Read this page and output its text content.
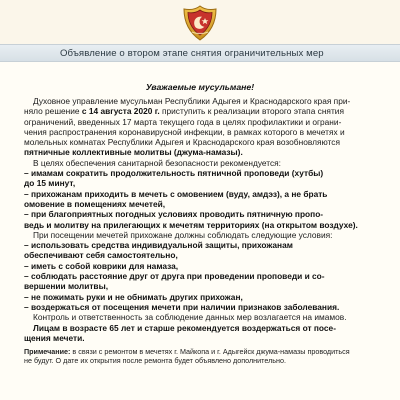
Объявление о втором этапе снятия ограничительных мер
Уважаемые мусульмане!
Духовное управление мусульман Республики Адыгея и Краснодарского края при-
няло решение с 14 августа 2020 г. приступить к реализации второго этапа снятия
ограничений, введенных 17 марта текущего года в целях профилактики и ограни-
чения распространения коронавирусной инфекции, в рамках которого в мечетях и
молельных комнатах Республики Адыгея и Краснодарского края возобновляются
пятничные коллективные молитвы (джума-намазы).
В целях обеспечения санитарной безопасности рекомендуется:
– имамам сократить продолжительность пятничной проповеди (хутбы)
до 15 минут,
– прихожанам приходить в мечеть с омовением (вуду, амдэз), а не брать
омовение в помещениях мечетей,
– при благоприятных погодных условиях проводить пятничную пропо-
ведь и молитву на прилегающих к мечетям территориях (на открытом воздухе).
При посещении мечетей прихожане должны соблюдать следующие условия:
– использовать средства индивидуальной защиты, прихожанам
обеспечивают себя самостоятельно,
– иметь с собой коврики для намаза,
– соблюдать расстояние друг от друга при проведении проповеди и со-
вершении молитвы,
– не пожимать руки и не обнимать других прихожан,
– воздержаться от посещения мечети при наличии признаков заболевания.
Контроль и ответственность за соблюдение данных мер возлагается на имамов.
Лицам в возрасте 65 лет и старше рекомендуется воздержаться от посе-
щения мечети.
Примечание: в связи с ремонтом в мечетях г. Майкопа и г. Адыгейск джума-намазы проводиться
не будут. О дате их открытия после ремонта будет объявлено дополнительно.
